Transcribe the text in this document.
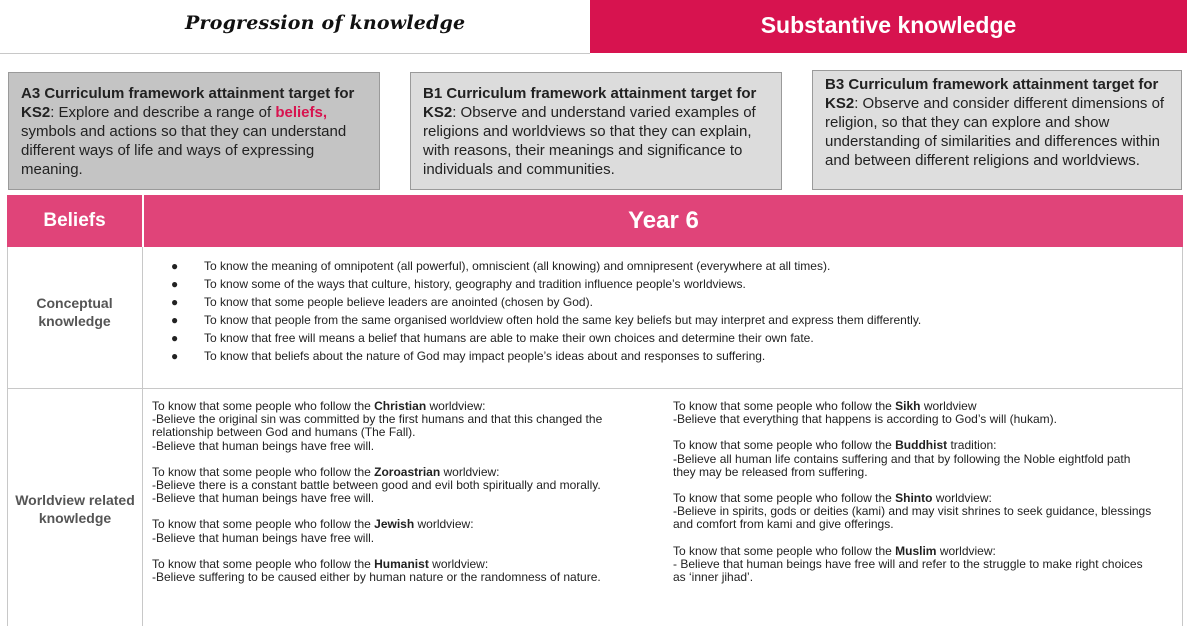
Progression of knowledge	Substantive knowledge
A3 Curriculum framework attainment target for KS2: Explore and describe a range of beliefs, symbols and actions so that they can understand different ways of life and ways of expressing meaning.
B1 Curriculum framework attainment target for KS2: Observe and understand varied examples of religions and worldviews so that they can explain, with reasons, their meanings and significance to individuals and communities.
B3 Curriculum framework attainment target for KS2: Observe and consider different dimensions of religion, so that they can explore and show understanding of similarities and differences within and between different religions and worldviews.
Beliefs	Year 6
Conceptual knowledge
● To know the meaning of omnipotent (all powerful), omniscient (all knowing) and omnipresent (everywhere at all times).
● To know some of the ways that culture, history, geography and tradition influence people’s worldviews.
● To know that some people believe leaders are anointed (chosen by God).
● To know that people from the same organised worldview often hold the same key beliefs but may interpret and express them differently.
● To know that free will means a belief that humans are able to make their own choices and determine their own fate.
● To know that beliefs about the nature of God may impact people’s ideas about and responses to suffering.
Worldview related knowledge
To know that some people who follow the Christian worldview:
-Believe the original sin was committed by the first humans and that this changed the
relationship between God and humans (The Fall).
-Believe that human beings have free will.
To know that some people who follow the Zoroastrian worldview:
-Believe there is a constant battle between good and evil both spiritually and morally.
-Believe that human beings have free will.
To know that some people who follow the Jewish worldview:
-Believe that human beings have free will.
To know that some people who follow the Humanist worldview:
-Believe suffering to be caused either by human nature or the randomness of nature.
To know that some people who follow the Sikh worldview
-Believe that everything that happens is according to God’s will (hukam).
To know that some people who follow the Buddhist tradition:
-Believe all human life contains suffering and that by following the Noble eightfold path
they may be released from suffering.
To know that some people who follow the Shinto worldview:
-Believe in spirits, gods or deities (kami) and may visit shrines to seek guidance, blessings
and comfort from kami and give offerings.
To know that some people who follow the Muslim worldview:
- Believe that human beings have free will and refer to the struggle to make right choices
as ‘inner jihad’.
